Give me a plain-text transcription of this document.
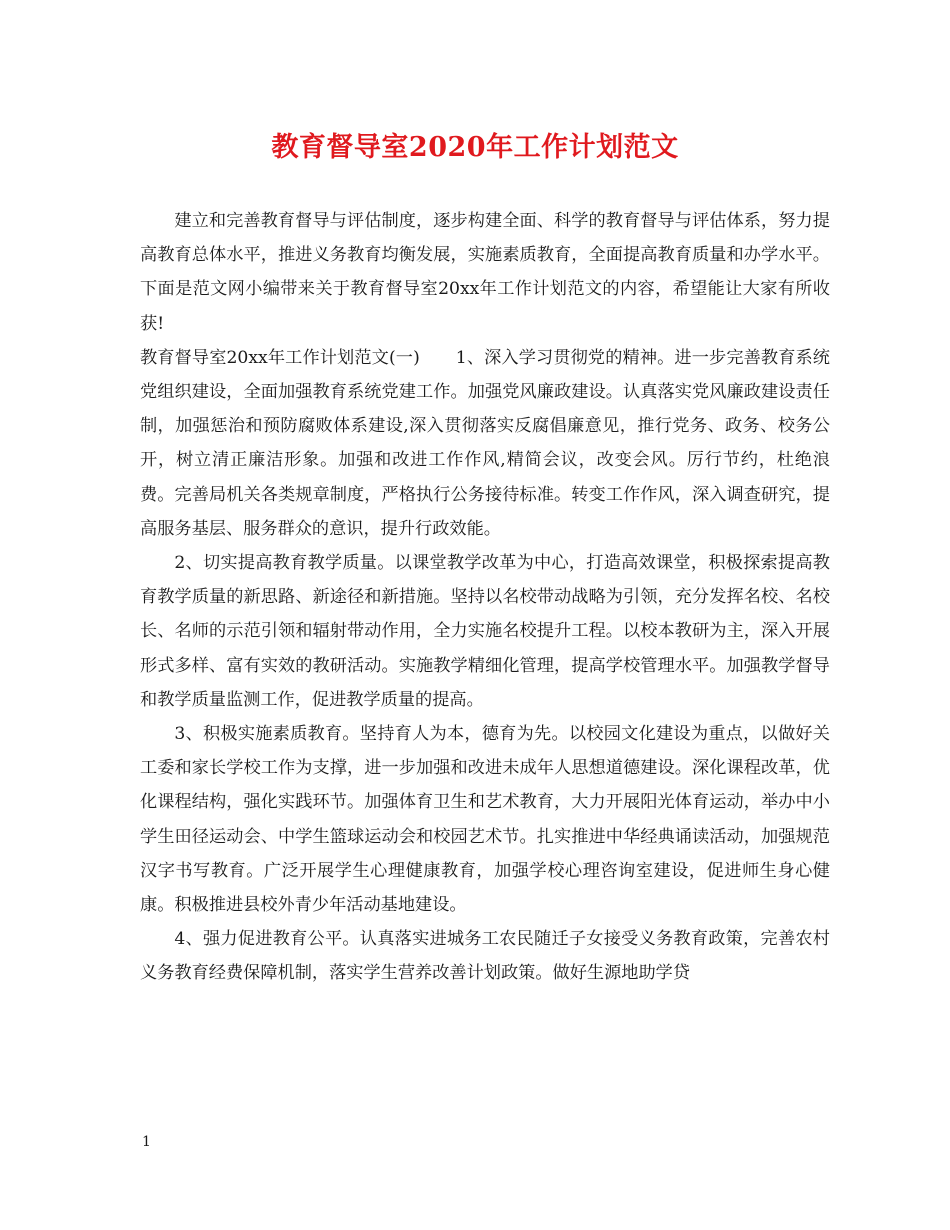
教育督导室2020年工作计划范文

建立和完善教育督导与评估制度，逐步构建全面、科学的教育督导与评估体系，努力提高教育总体水平，推进义务教育均衡发展，实施素质教育，全面提高教育质量和办学水平。下面是范文网小编带来关于教育督导室20xx年工作计划范文的内容，希望能让大家有所收获!

教育督导室20xx年工作计划范文(一) 1、深入学习贯彻党的精神。进一步完善教育系统党组织建设，全面加强教育系统党建工作。加强党风廉政建设。认真落实党风廉政建设责任制，加强惩治和预防腐败体系建设,深入贯彻落实反腐倡廉意见，推行党务、政务、校务公开，树立清正廉洁形象。加强和改进工作作风,精简会议，改变会风。厉行节约，杜绝浪费。完善局机关各类规章制度，严格执行公务接待标准。转变工作作风，深入调查研究，提高服务基层、服务群众的意识，提升行政效能。

2、切实提高教育教学质量。以课堂教学改革为中心，打造高效课堂，积极探索提高教育教学质量的新思路、新途径和新措施。坚持以名校带动战略为引领，充分发挥名校、名校长、名师的示范引领和辐射带动作用，全力实施名校提升工程。以校本教研为主，深入开展形式多样、富有实效的教研活动。实施教学精细化管理，提高学校管理水平。加强教学督导和教学质量监测工作，促进教学质量的提高。

3、积极实施素质教育。坚持育人为本，德育为先。以校园文化建设为重点，以做好关工委和家长学校工作为支撑，进一步加强和改进未成年人思想道德建设。深化课程改革，优化课程结构，强化实践环节。加强体育卫生和艺术教育，大力开展阳光体育运动，举办中小学生田径运动会、中学生篮球运动会和校园艺术节。扎实推进中华经典诵读活动，加强规范汉字书写教育。广泛开展学生心理健康教育，加强学校心理咨询室建设，促进师生身心健康。积极推进县校外青少年活动基地建设。

4、强力促进教育公平。认真落实进城务工农民随迁子女接受义务教育政策，完善农村义务教育经费保障机制，落实学生营养改善计划政策。做好生源地助学贷

1
